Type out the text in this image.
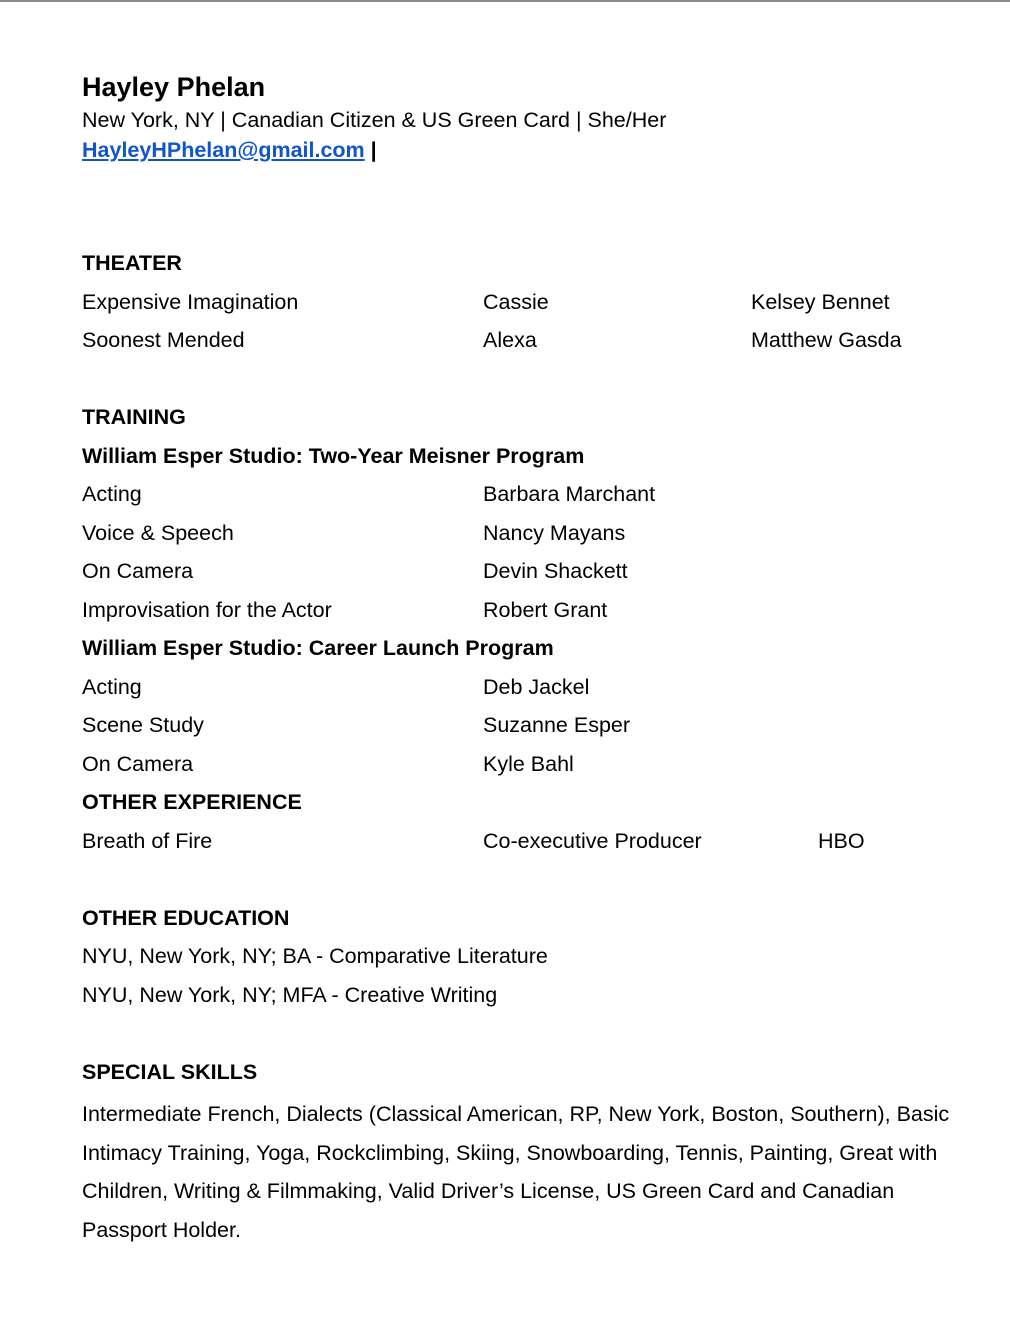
Hayley Phelan
New York, NY | Canadian Citizen & US Green Card | She/Her
HayleyHPhelan@gmail.com |
THEATER
Expensive Imagination	Cassie	Kelsey Bennet
Soonest Mended	Alexa	Matthew Gasda
TRAINING
William Esper Studio: Two-Year Meisner Program
Acting	Barbara Marchant
Voice & Speech	Nancy Mayans
On Camera	Devin Shackett
Improvisation for the Actor	Robert Grant
William Esper Studio: Career Launch Program
Acting	Deb Jackel
Scene Study	Suzanne Esper
On Camera	Kyle Bahl
OTHER EXPERIENCE
Breath of Fire	Co-executive Producer	HBO
OTHER EDUCATION
NYU, New York, NY; BA - Comparative Literature
NYU, New York, NY; MFA - Creative Writing
SPECIAL SKILLS
Intermediate French, Dialects (Classical American, RP, New York, Boston, Southern), Basic Intimacy Training, Yoga, Rockclimbing, Skiing, Snowboarding, Tennis, Painting, Great with Children, Writing & Filmmaking, Valid Driver’s License, US Green Card and Canadian Passport Holder.
